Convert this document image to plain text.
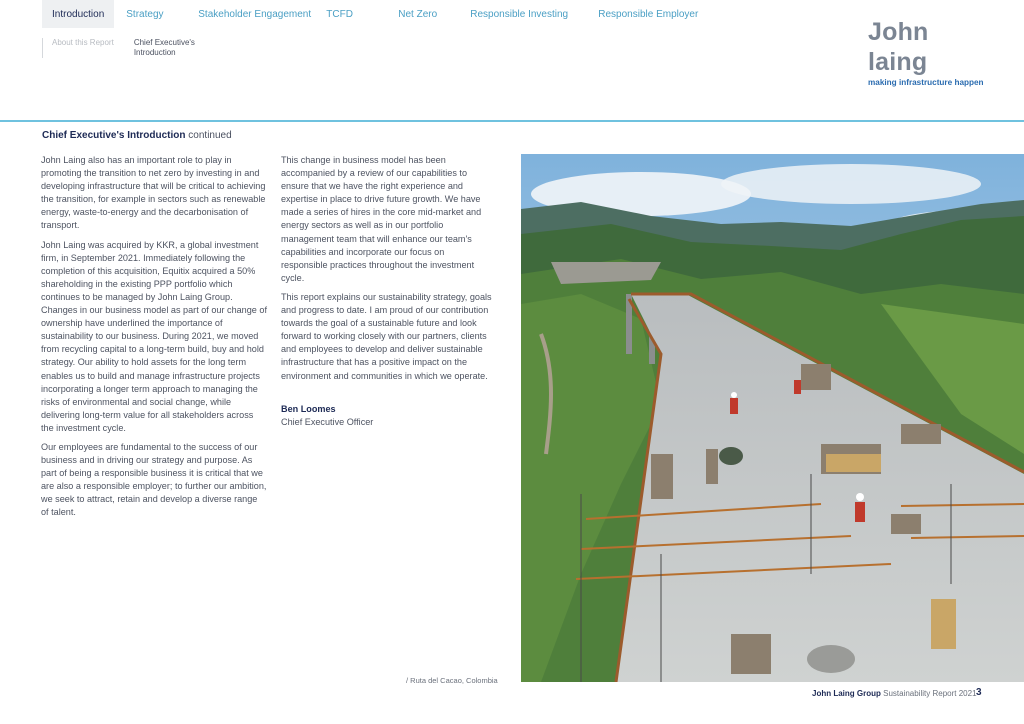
Introduction	Strategy	Stakeholder Engagement	TCFD	Net Zero	Responsible Investing	Responsible Employer
About this Report	Chief Executive's Introduction
John laing
making infrastructure happen
Chief Executive's Introduction continued

John Laing also has an important role to play in promoting the transition to net zero by investing in and developing infrastructure that will be critical to achieving the transition, for example in sectors such as renewable energy, waste-to-energy and the decarbonisation of transport.

John Laing was acquired by KKR, a global investment firm, in September 2021. Immediately following the completion of this acquisition, Equitix acquired a 50% shareholding in the existing PPP portfolio which continues to be managed by John Laing Group. Changes in our business model as part of our change of ownership have underlined the importance of sustainability to our business. During 2021, we moved from recycling capital to a long-term build, buy and hold strategy. Our ability to hold assets for the long term enables us to build and manage infrastructure projects incorporating a longer term approach to managing the risks of environmental and social change, while delivering long-term value for all stakeholders across the investment cycle.

Our employees are fundamental to the success of our business and in driving our strategy and purpose. As part of being a responsible business it is critical that we are also a responsible employer; to further our ambition, we seek to attract, retain and develop a diverse range of talent.

This change in business model has been accompanied by a review of our capabilities to ensure that we have the right experience and expertise in place to drive future growth. We have made a series of hires in the core mid-market and energy sectors as well as in our portfolio management team that will enhance our team's capabilities and incorporate our focus on responsible practices throughout the investment cycle.

This report explains our sustainability strategy, goals and progress to date. I am proud of our contribution towards the goal of a sustainable future and look forward to working closely with our partners, clients and employees to develop and deliver sustainable infrastructure that has a positive impact on the environment and communities in which we operate.

Ben Loomes
Chief Executive Officer
/ Ruta del Cacao, Colombia
John Laing Group Sustainability Report 2021 3
